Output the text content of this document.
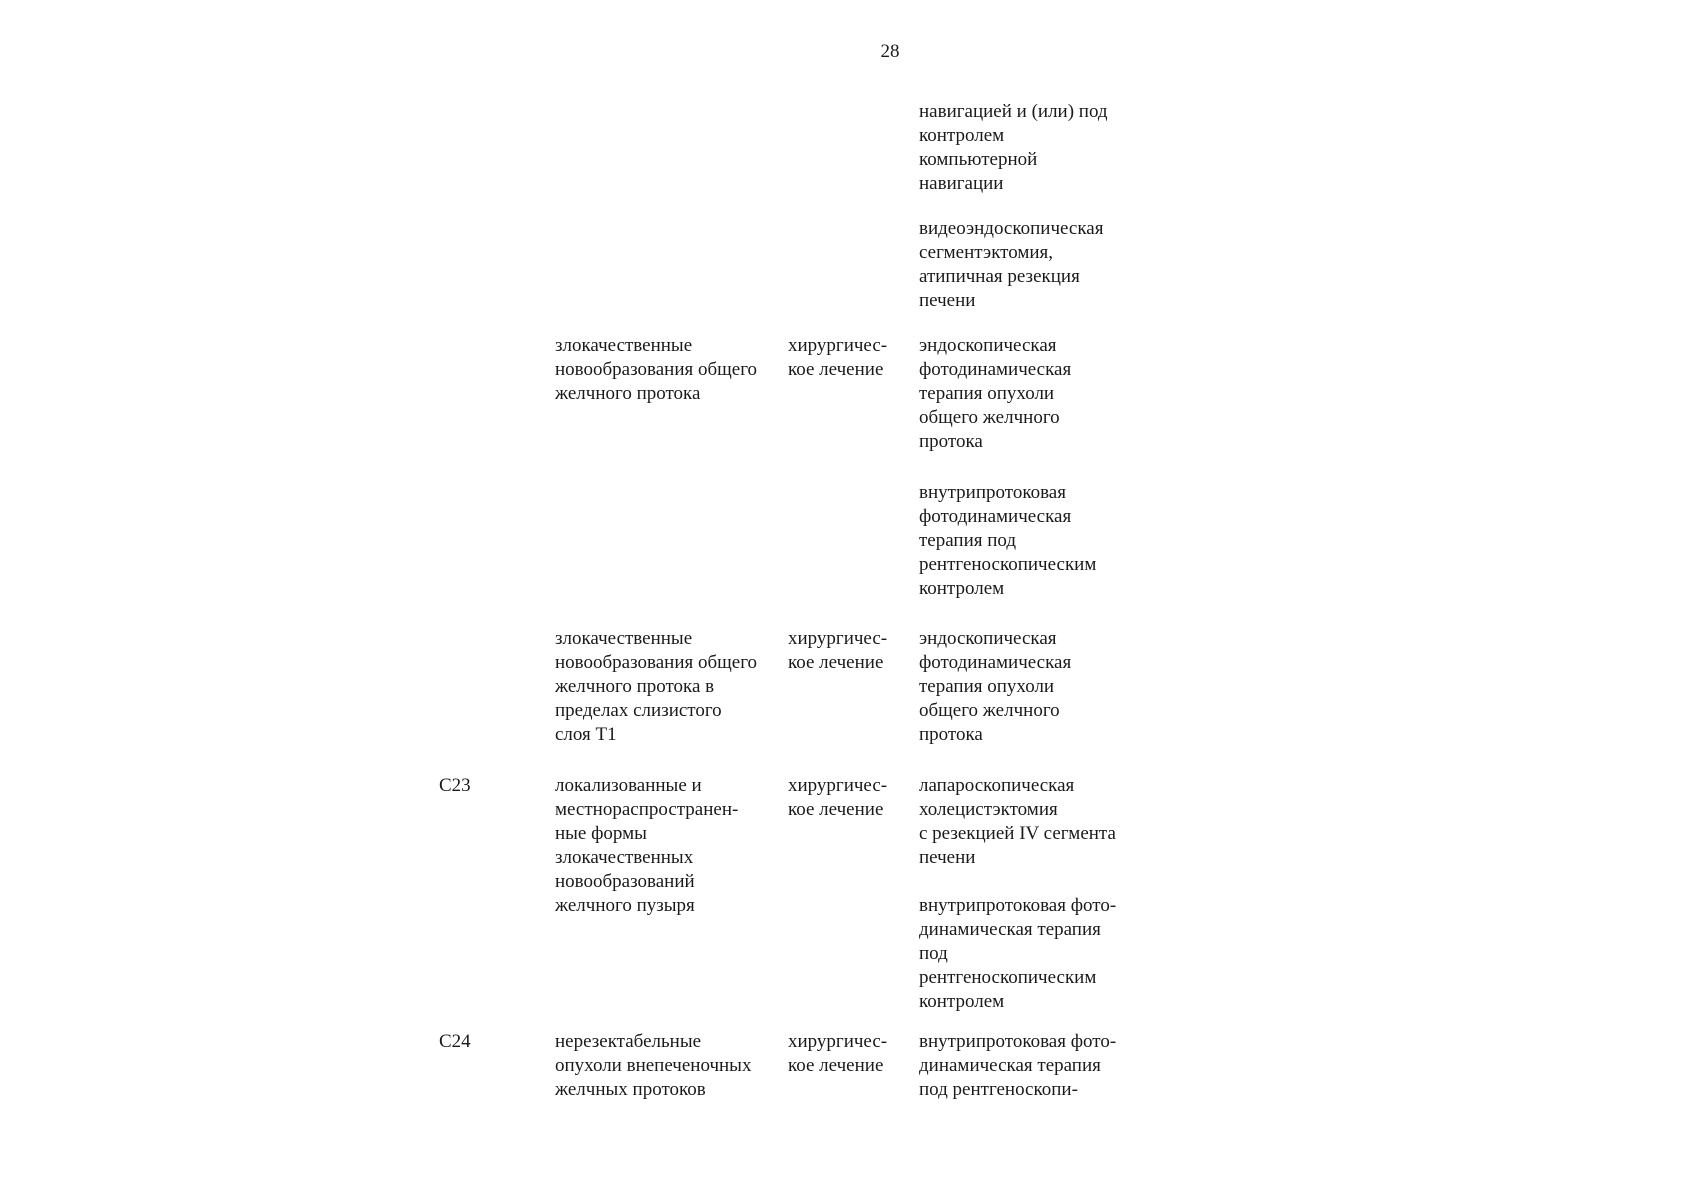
28
навигацией и (или) под
контролем
компьютерной
навигации
видеоэндоскопическая
сегментэктомия,
атипичная резекция
печени
злокачественные
новообразования общего
желчного протока
хирургичес-
кое лечение
эндоскопическая
фотодинамическая
терапия опухоли
общего желчного
протока
внутрипротоковая
фотодинамическая
терапия под
рентгеноскопическим
контролем
злокачественные
новообразования общего
желчного протока в
пределах слизистого
слоя Т1
хирургичес-
кое лечение
эндоскопическая
фотодинамическая
терапия опухоли
общего желчного
протока
C23	локализованные и
местнораспространен-
ные формы
злокачественных
новообразований
желчного пузыря
хирургичес-
кое лечение
лапароскопическая
холецистэктомия
с резекцией IV сегмента
печени
внутрипротоковая фото-
динамическая терапия
под
рентгеноскопическим
контролем
C24	нерезектабельные
опухоли внепеченочных
желчных протоков
хирургичес-
кое лечение
внутрипротоковая фото-
динамическая терапия
под рентгеноскопи-
